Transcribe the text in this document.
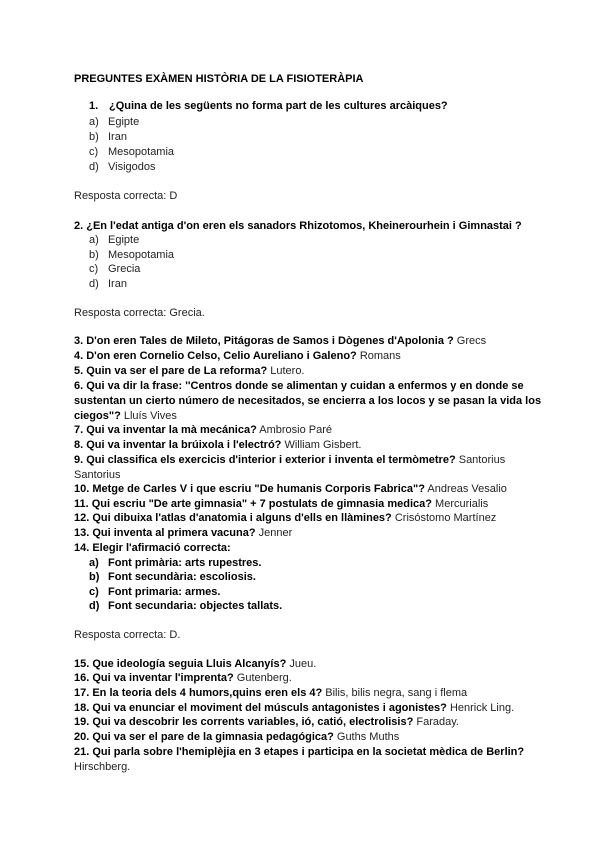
PREGUNTES EXÀMEN HISTÒRIA DE LA FISIOTERÀPIA
1. ¿Quina de les següents no forma part de les cultures arcàiques?
a) Egipte
b) Iran
c) Mesopotamia
d) Visigodos
Resposta correcta: D
2. ¿En l'edat antiga d'on eren els sanadors Rhizotomos, Kheinerourhein i Gimnastai ?
a) Egipte
b) Mesopotamia
c) Grecia
d) Iran
Resposta correcta: Grecia.
3. D'on eren Tales de Mileto, Pitágoras de Samos i Dògenes d'Apolonia ? Grecs
4. D'on eren Cornelio Celso, Celio Aureliano i Galeno? Romans
5. Quin va ser el pare de La reforma? Lutero.
6. Qui va dir la frase: ''Centros donde se alimentan y cuidan a enfermos y en donde se sustentan un cierto número de necesitados, se encierra a los locos y se pasan la vida los ciegos"? Lluís Vives
7. Qui va inventar la mà mecánica? Ambrosio Paré
8. Qui va inventar la brúixola i l'electró? William Gisbert.
9. Qui classifica els exercicis d'interior i exterior i inventa el termòmetre? Santorius Santorius
10. Metge de Carles V i que escriu "De humanis Corporis Fabrica"? Andreas Vesalio
11. Qui escriu "De arte gimnasia" + 7 postulats de gimnasia medica? Mercurialis
12. Qui dibuixa l'atlas d'anatomia i alguns d'ells en llàmines? Crisóstomo Martínez
13. Qui inventa al primera vacuna? Jenner
14. Elegir l'afirmació correcta:
a) Font primària: arts rupestres.
b) Font secundària: escoliosis.
c) Font primaria: armes.
d) Font secundaria: objectes tallats.
Resposta correcta: D.
15. Que ideología seguia Lluis Alcanyís? Jueu.
16. Qui va inventar l'imprenta? Gutenberg.
17. En la teoria dels 4 humors,quins eren els 4? Bilis, bilis negra, sang i flema
18. Qui va enunciar el moviment del músculs antagonistes i agonistes? Henrick Ling.
19. Qui va descobrir les corrents variables, ió, catió, electrolisis? Faraday.
20. Qui va ser el pare de la gimnasia pedagógica? Guths Muths
21. Qui parla sobre l'hemiplèjia en 3 etapes i participa en la societat mèdica de Berlin? Hirschberg.
